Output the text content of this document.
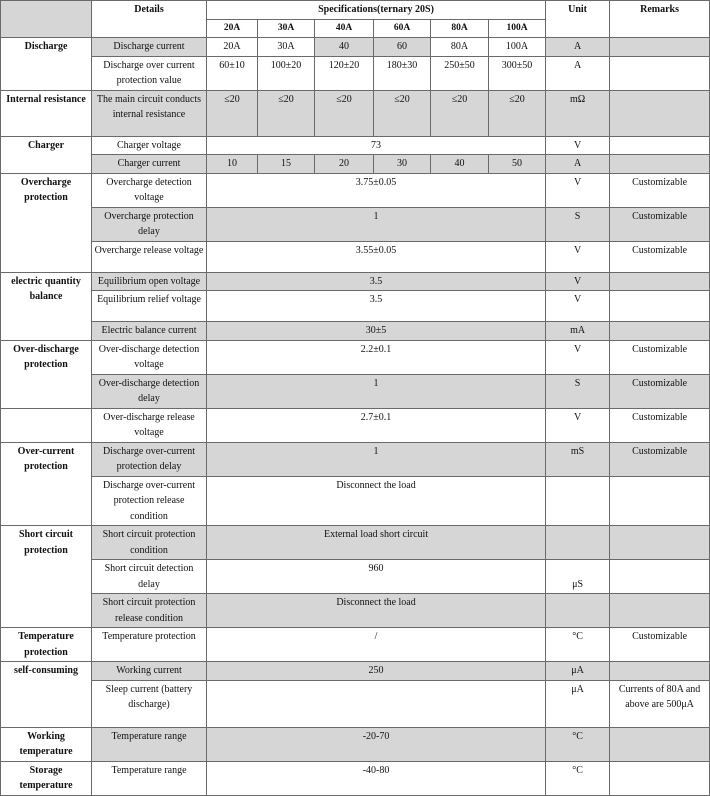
	Details	Specifications(ternary 20S)						Unit	Remarks
		20A	30A	40A	60A	80A	100A		
Discharge	Discharge current	20A	30A	40	60	80A	100A	A	
	Discharge over current protection value	60±10	100±20	120±20	180±30	250±50	300±50	A	
Internal resistance	The main circuit conducts internal resistance	≤20	≤20	≤20	≤20	≤20	≤20	mΩ	
Charger	Charger voltage	73						V	
	Charger current	10	15	20	30	40	50	A	
Overcharge protection	Overcharge detection voltage	3.75±0.05						V	Customizable
	Overcharge protection delay	1						S	Customizable
	Overcharge release voltage	3.55±0.05						V	Customizable
electric quantity balance	Equilibrium open voltage	3.5						V	
	Equilibrium relief voltage	3.5						V	
	Electric balance current	30±5						mA	
Over-discharge protection	Over-discharge detection voltage	2.2±0.1						V	Customizable
	Over-discharge detection delay	1						S	Customizable
	Over-discharge release voltage	2.7±0.1						V	Customizable
Over-current protection	Discharge over-current protection delay	1						mS	Customizable
	Discharge over-current protection release condition	Disconnect the load							
Short circuit protection	Short circuit protection condition	External load short circuit							
	Short circuit detection delay	960						μS	
	Short circuit protection release condition	Disconnect the load							
Temperature protection	Temperature protection	/						°C	Customizable
self-consuming	Working current	250						μA	
	Sleep current (battery discharge)							μA	Currents of 80A and above are 500μA
Working temperature	Temperature range	-20-70						°C	
Storage temperature	Temperature range	-40-80						°C	
